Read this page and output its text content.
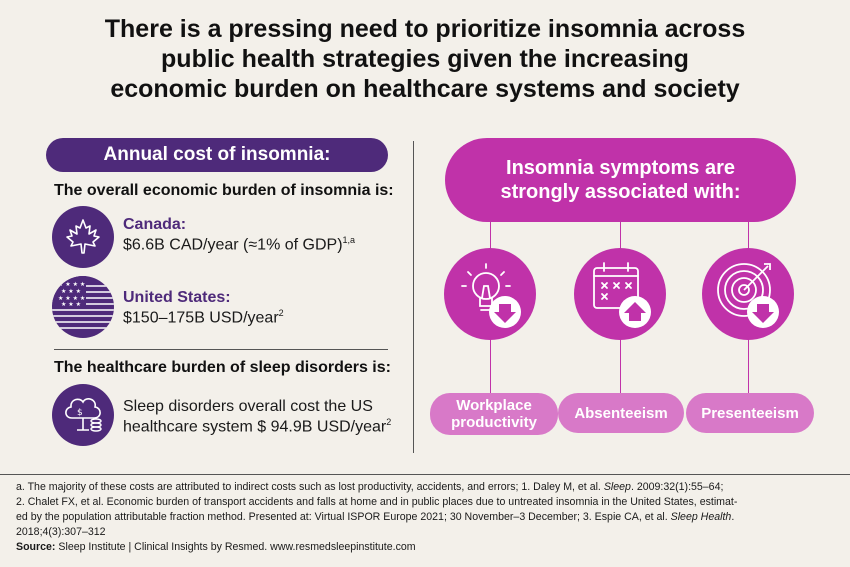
There is a pressing need to prioritize insomnia across
public health strategies given the increasing
economic burden on healthcare systems and society
Annual cost of insomnia:
The overall economic burden of insomnia is:
Canada:
$6.6B CAD/year (≈1% of GDP)$^{1,a}$
★ ★ ★ ★
★ ★ ★
★ ★ ★ ★
★ ★ ★	United States:
$150–175B USD/year$^2$
The healthcare burden of sleep disorders is:
$	Sleep disorders overall cost the US
healthcare system $ 94.9B USD/year$^2$
Insomnia symptoms are
strongly associated with:
Workplace
productivity
Absenteeism	Presenteeism
a. The majority of these costs are attributed to indirect costs such as lost productivity, accidents, and errors; 1. Daley M, et al. Sleep. 2009:32(1):55–64;
2. Chalet FX, et al. Economic burden of transport accidents and falls at home and in public places due to untreated insomnia in the United States, estimat-
ed by the population attributable fraction method. Presented at: Virtual ISPOR Europe 2021; 30 November–3 December; 3. Espie CA, et al. Sleep Health.
2018;4(3):307–312
Source: Sleep Institute | Clinical Insights by Resmed. www.resmedsleepinstitute.com
